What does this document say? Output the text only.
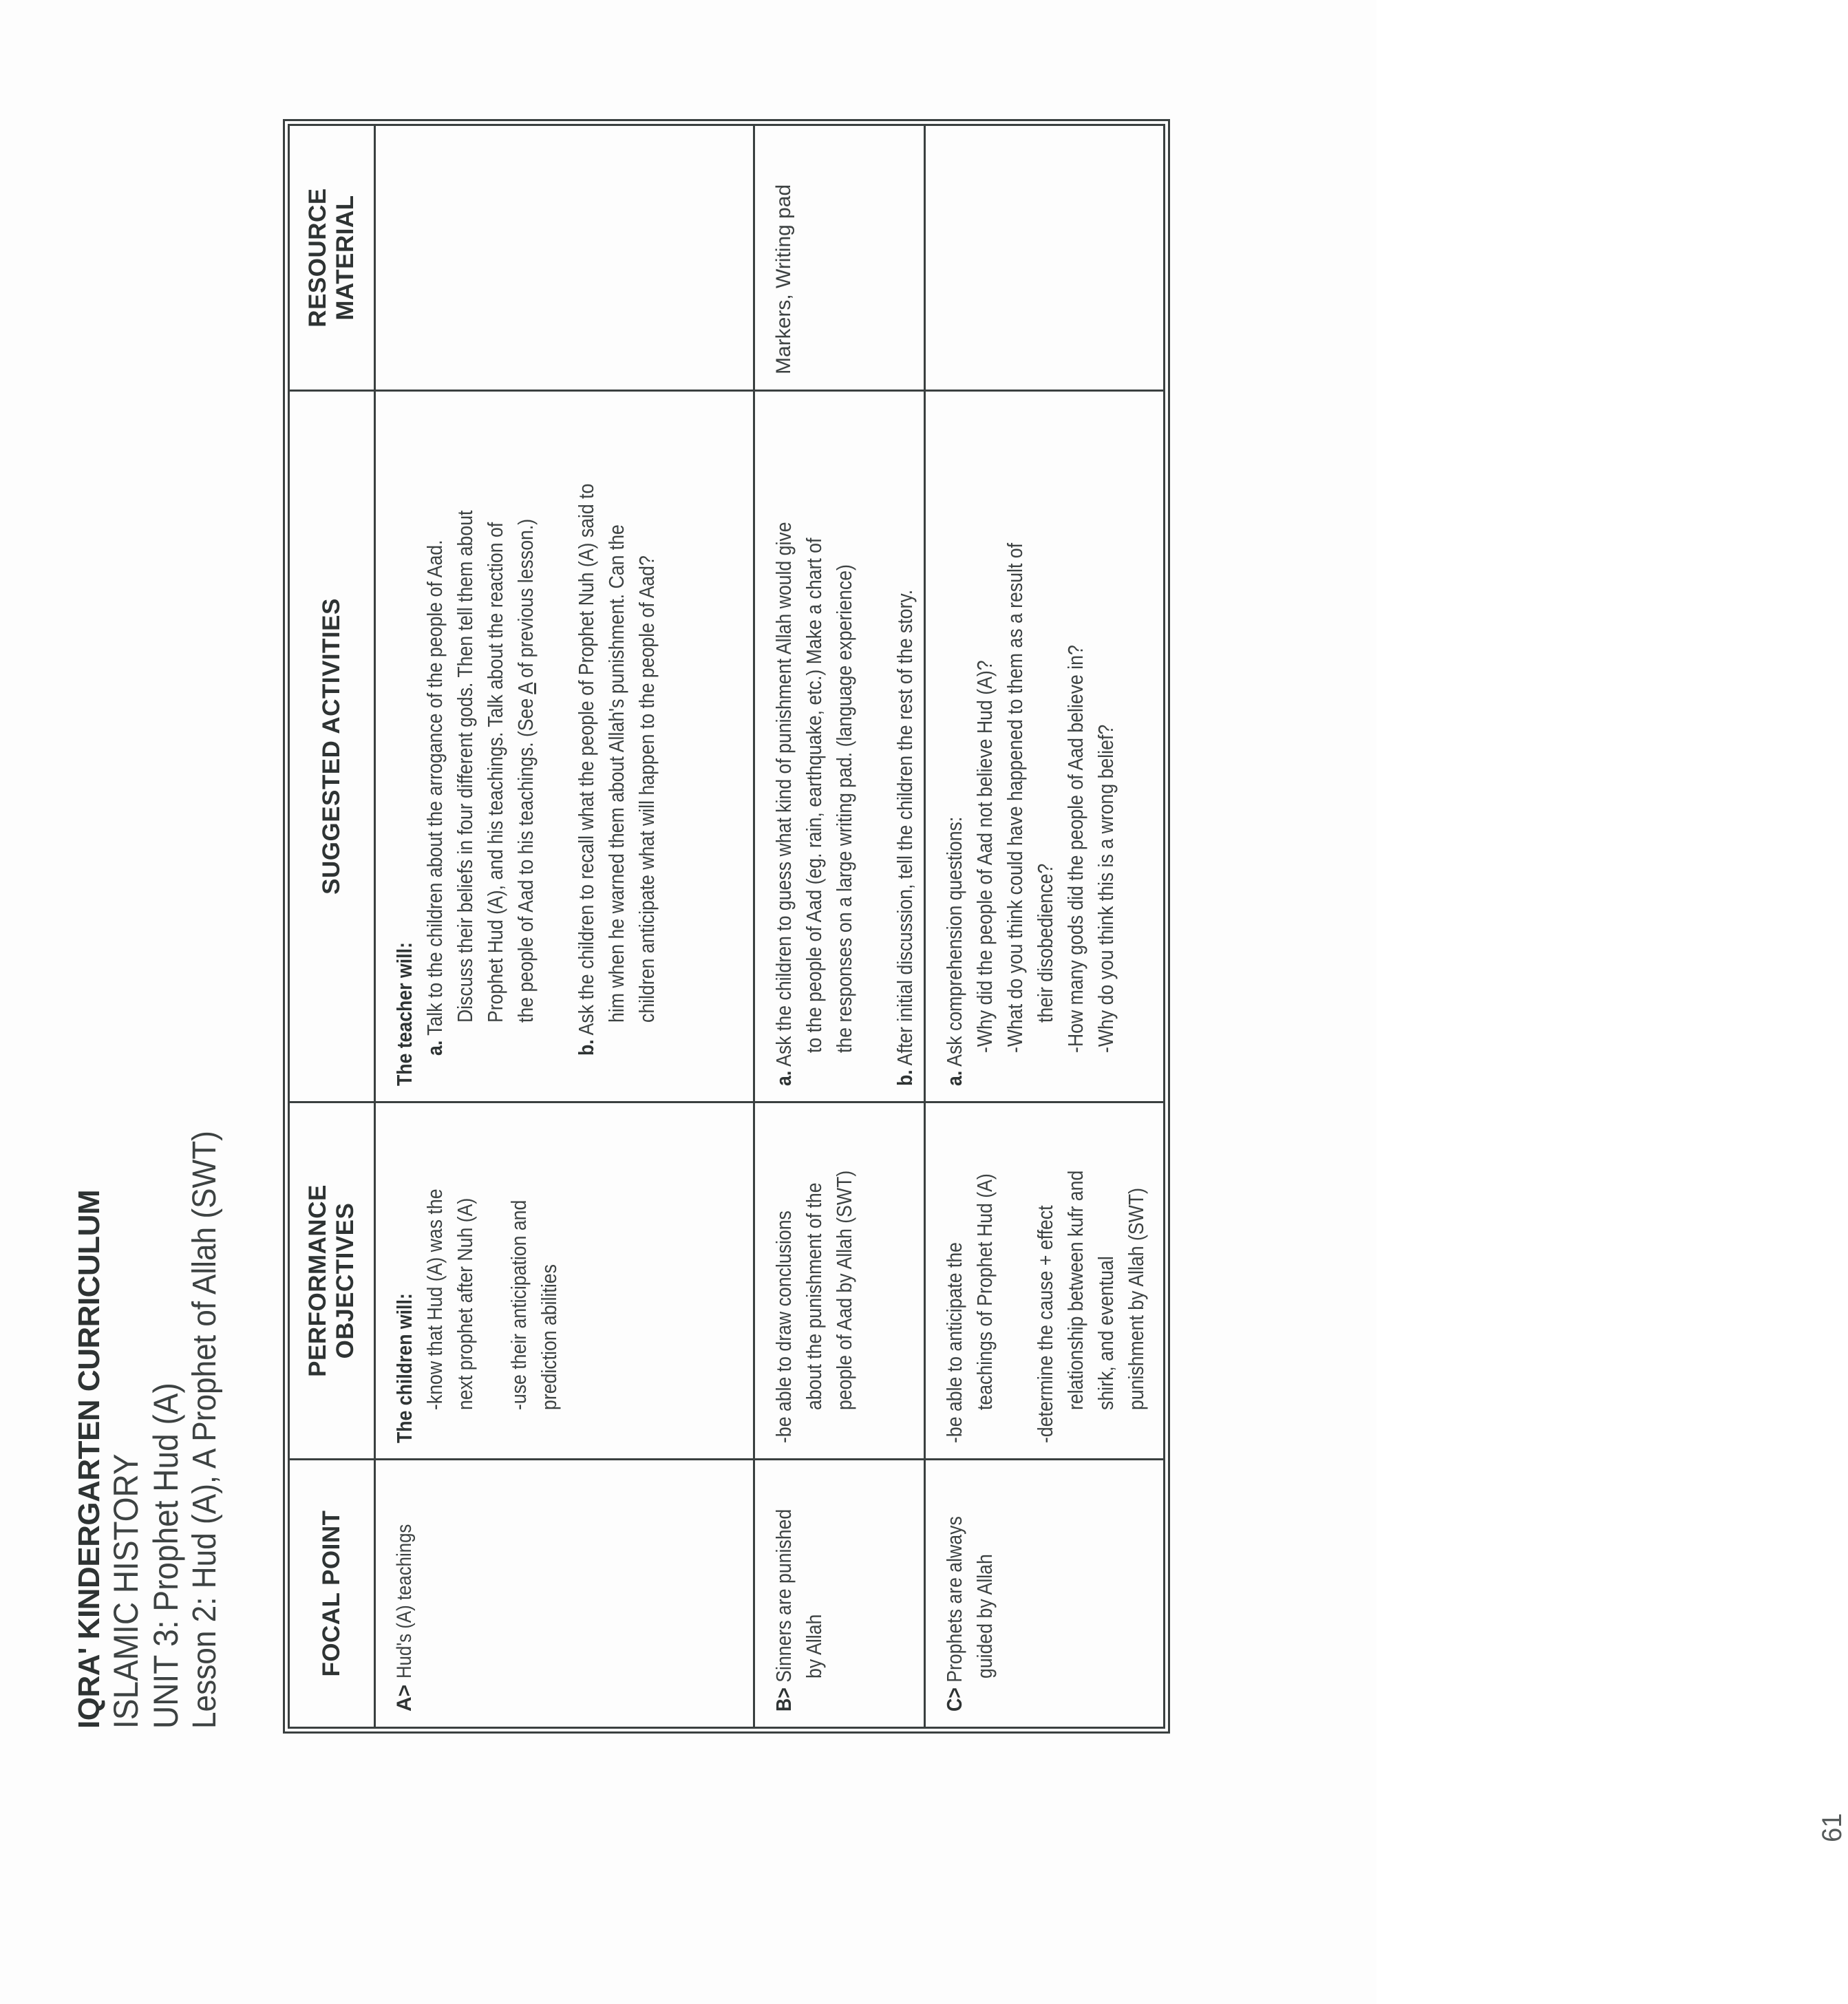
IQRA' KINDERGARTEN CURRICULUM ISLAMIC HISTORY UNIT 3: Prophet Hud (A) Lesson 2: Hud (A), A Prophet of Allah (SWT)	FOCAL POINT
PERFORMANCE OBJECTIVES
SUGGESTED ACTIVITIES
RESOURCE MATERIAL
A> Hud's (A) teachings
The children will: -know that Hud (A) was the next prophet after Nuh (A) -use their anticipation and prediction abilities
The teacher will: a. Talk to the children about the arrogance of the people of Aad. Discuss their beliefs in four different gods. Then tell them about Prophet Hud (A), and his teachings. Talk about the reaction of the people of Aad to his teachings. (See A of previous lesson.)
b. Ask the children to recall what the people of Prophet Nuh (A) said to him when he warned them about Allah's punishment. Can the children anticipate what will happen to the people of Aad?
B> Sinners are punished by Allah
-be able to draw conclusions about the punishment of the people of Aad by Allah (SWT)
a. Ask the children to guess what kind of punishment Allah would give to the people of Aad (eg. rain, earthquake, etc.) Make a chart of the responses on a large writing pad. (language experience)
b. After initial discussion, tell the children the rest of the story.
Markers, Writing pad
C> Prophets are always guided by Allah
-be able to anticipate the teachings of Prophet Hud (A) -determine the cause + effect relationship between kufr and shirk, and eventual punishment by Allah (SWT)
a. Ask comprehension questions: -Why did the people of Aad not believe Hud (A)? -What do you think could have happened to them as a result of their disobedience? -How many gods did the people of Aad believe in? -Why do you think this is a wrong belief?
61
